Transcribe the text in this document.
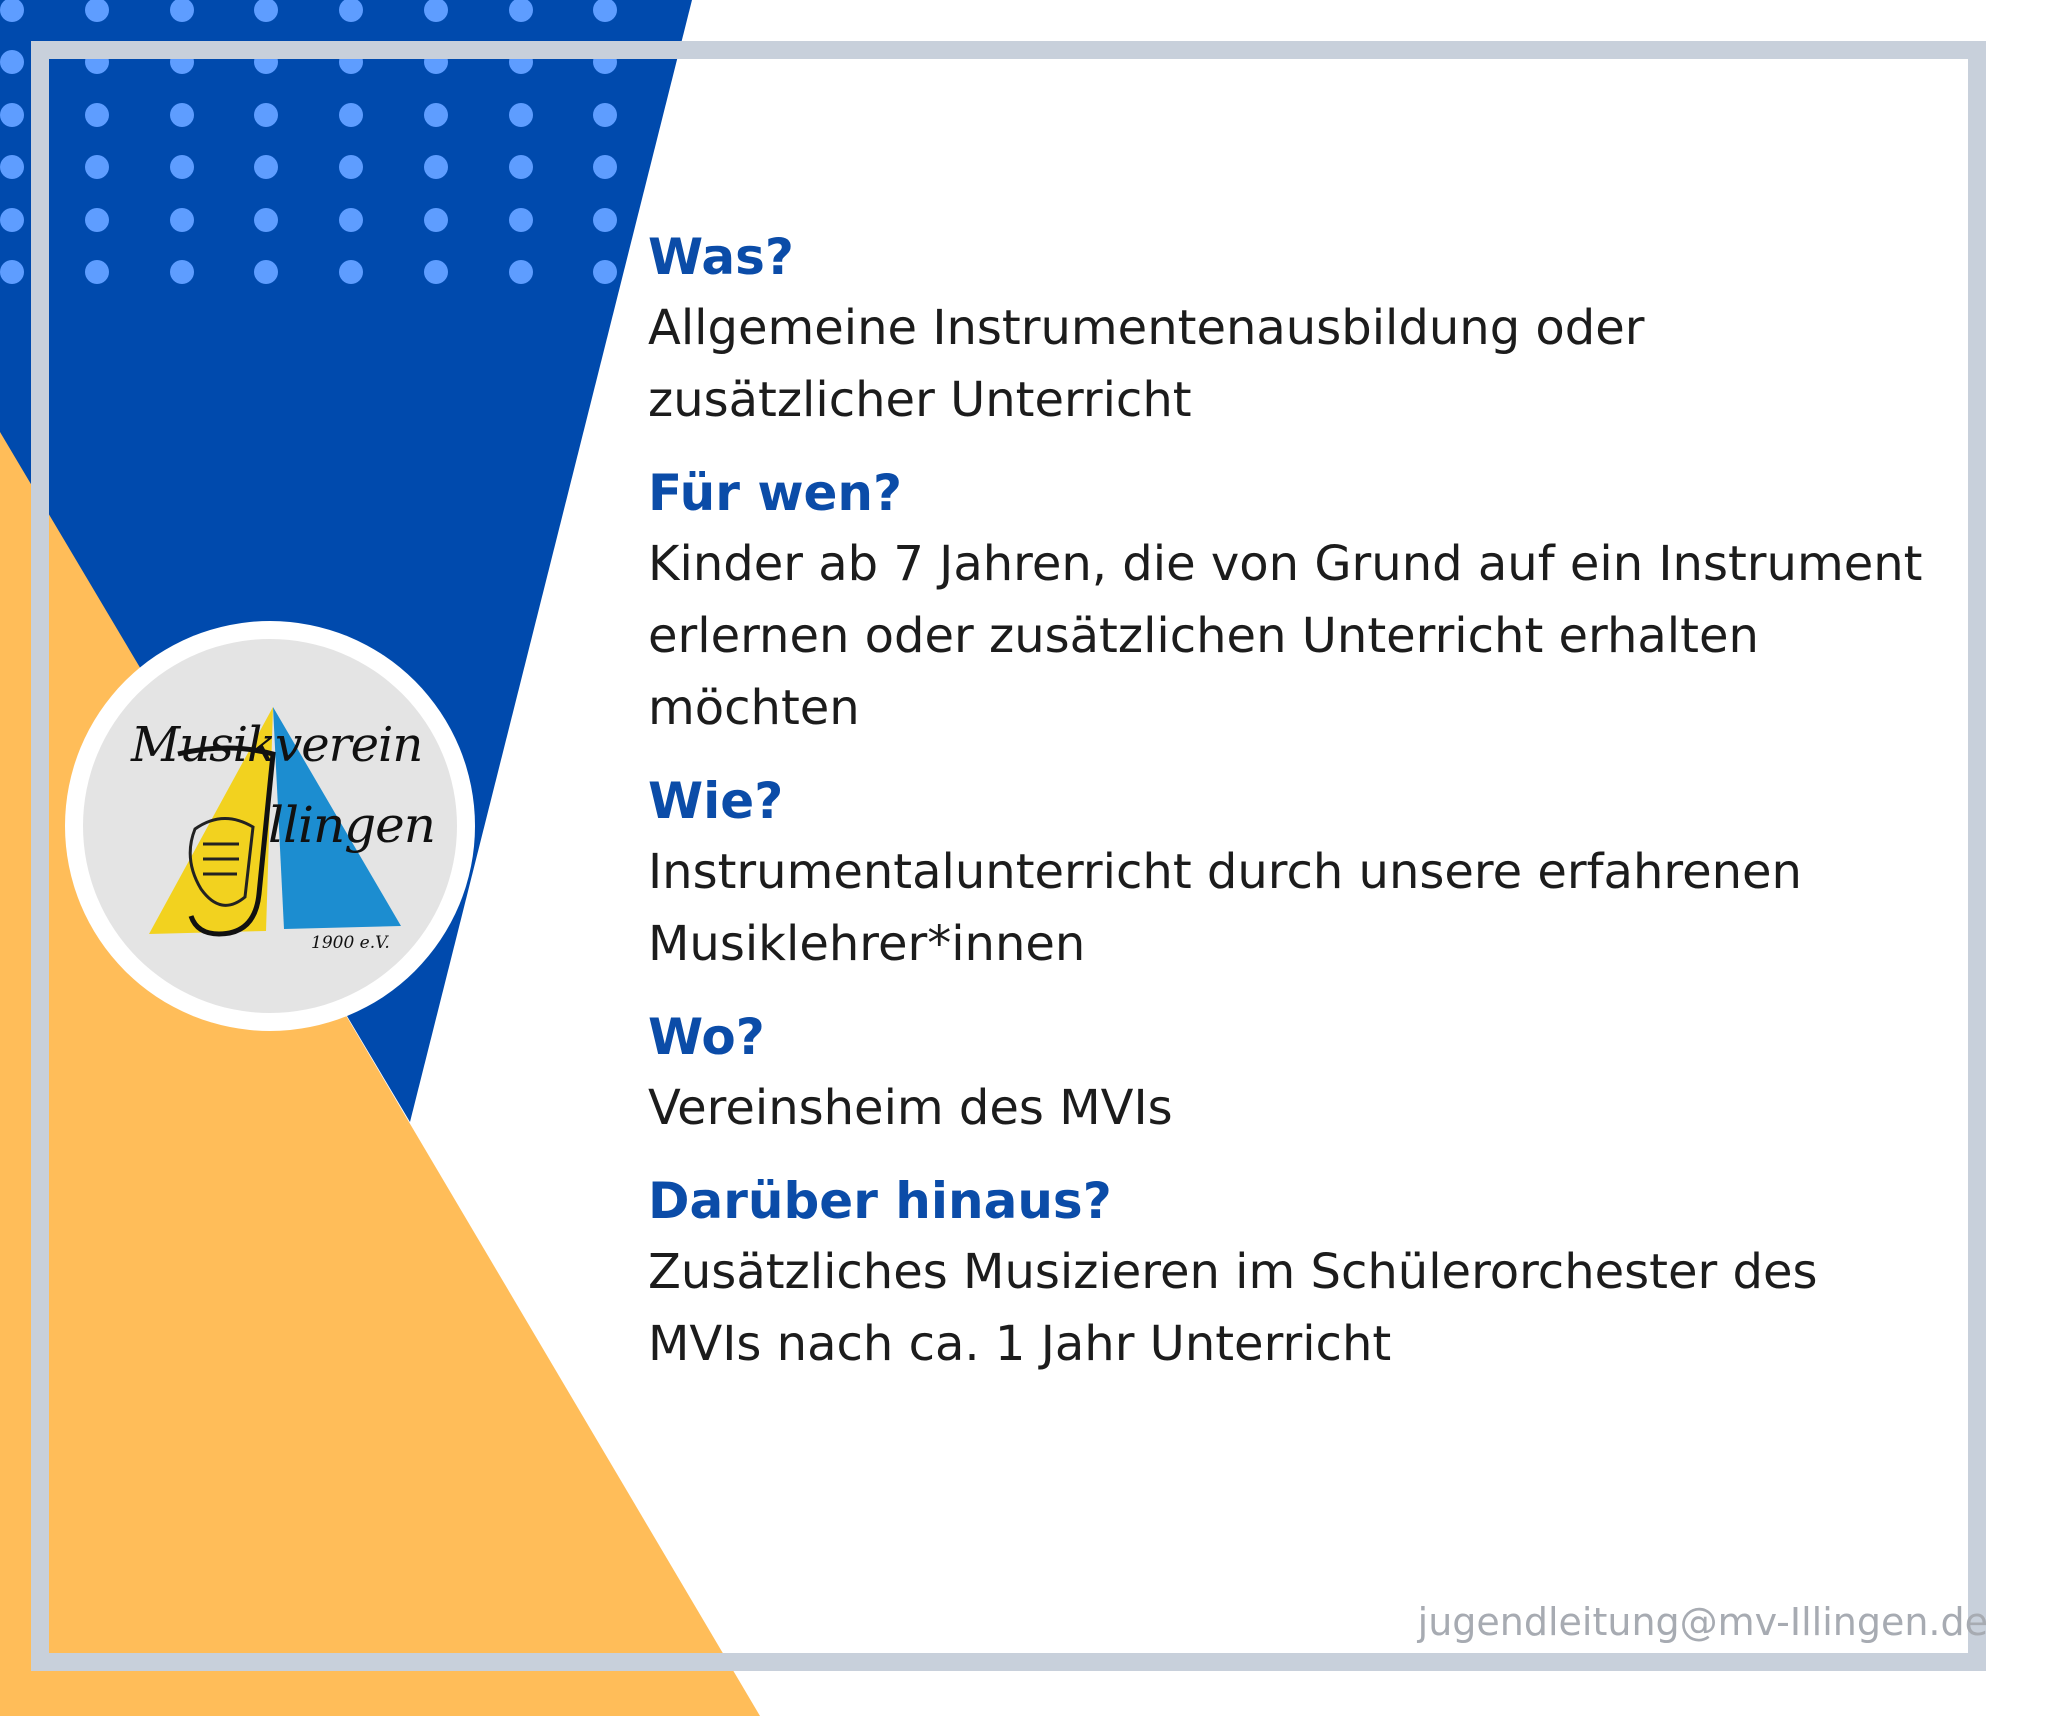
Musikverein
llingen
1900 e.V.
Was?
Allgemeine Instrumentenausbildung oder
zusätzlicher Unterricht
Für wen?
Kinder ab 7 Jahren, die von Grund auf ein Instrument
erlernen oder zusätzlichen Unterricht erhalten
möchten
Wie?
Instrumentalunterricht durch unsere erfahrenen
Musiklehrer*innen
Wo?
Vereinsheim des MVIs
Darüber hinaus?
Zusätzliches Musizieren im Schülerorchester des
MVIs nach ca. 1 Jahr Unterricht
jugendleitung@mv-Illingen.de
